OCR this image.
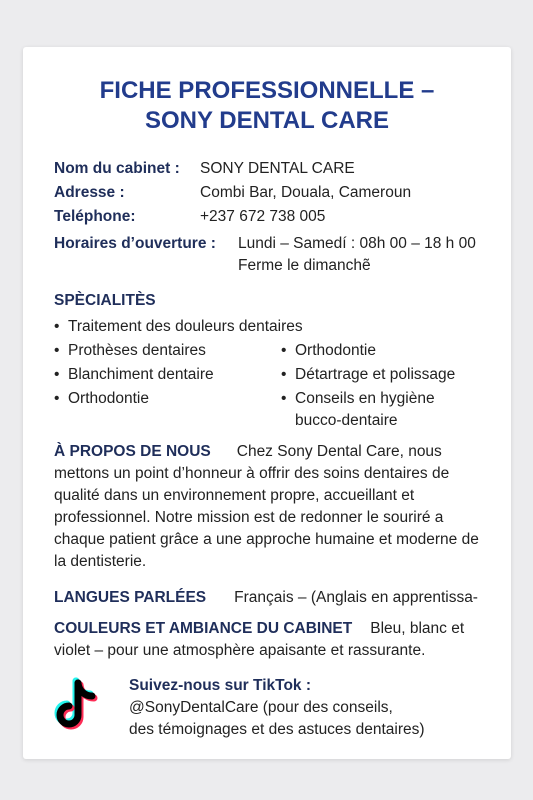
FICHE PROFESSIONNELLE –
SONY DENTAL CARE
Nom du cabinet : SONY DENTAL CARE
Adresse :	Combi Bar, Douala, Cameroun
Teléphone:	+237 672 738 005
Horaires d’ouverture : Lundi – Samedí : 08h 00 – 18 h 00
Ferme le dimanchẽ
SPÈCIALITÈS
• Traitement des douleurs dentaires
• Prothèses dentaires
• Blanchiment dentaire
• Orthodontie
• Orthodontie
• Détartrage et polissage
• Conseils en hygiène
bucco-dentaire
À PROPOS DE NOUS Chez Sony Dental Care, nous mettons un point d’honneur à offrir des soins dentaires de qualité dans un environnement propre, accueillant et professionnel. Notre mission est de redonner le souriré a chaque patient grâce a une approche humaine et moderne de la dentisterie.
LANGUES PARLÉES Français – (Anglais en apprentissa-
COULEURS ET AMBIANCE DU CABINET Bleu, blanc et violet – pour une atmosphère apaisante et rassurante.
Suivez-nous sur TikTok :
@SonyDentalCare (pour des conseils,
des témoignages et des astuces dentaires)
